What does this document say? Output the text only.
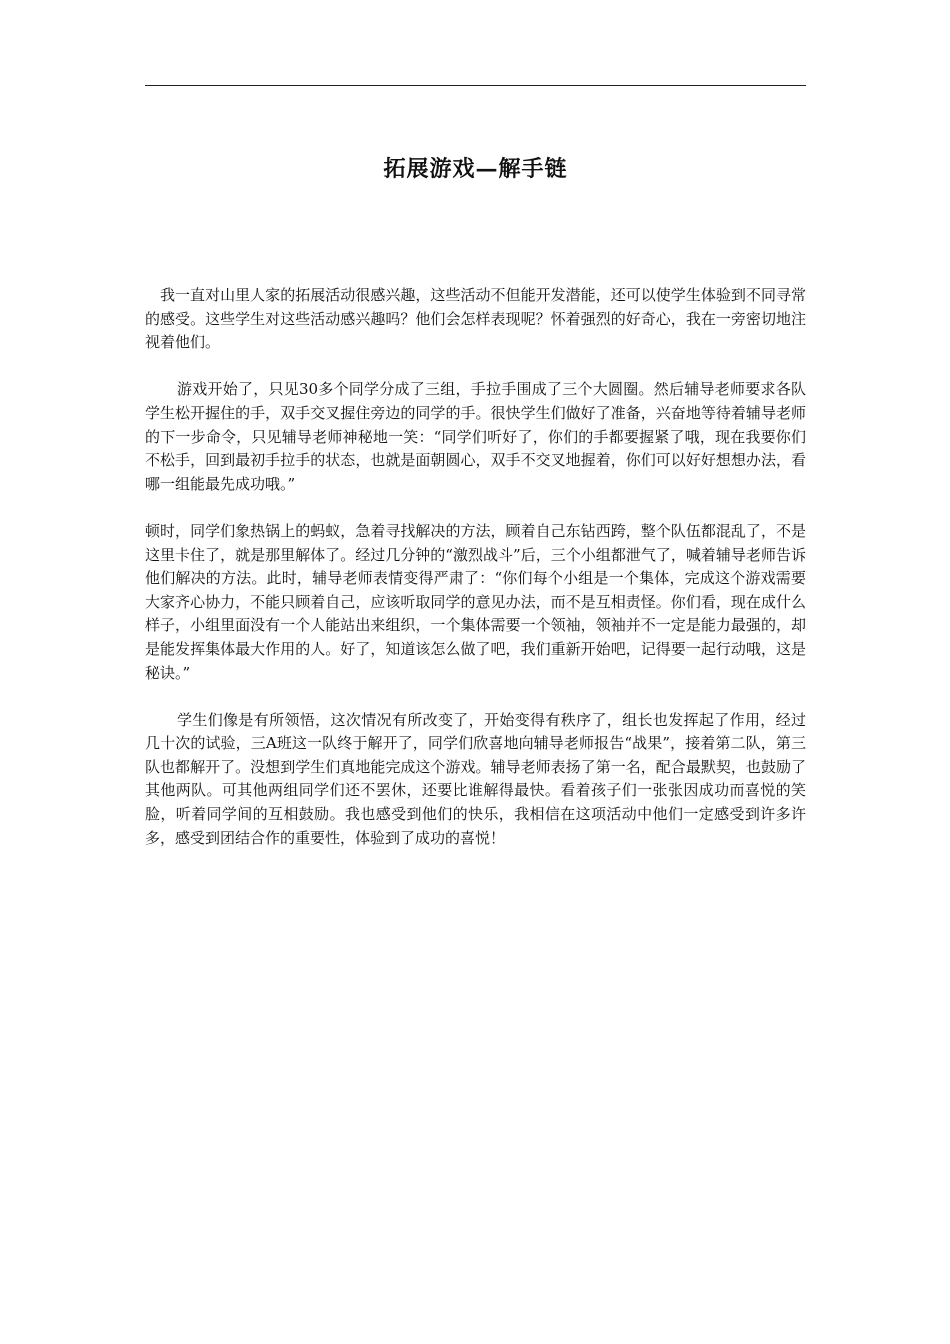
拓展游戏—解手链

我一直对山里人家的拓展活动很感兴趣，这些活动不但能开发潜能，还可以使学生体验到不同寻常的感受。这些学生对这些活动感兴趣吗？他们会怎样表现呢？怀着强烈的好奇心，我在一旁密切地注视着他们。

游戏开始了，只见30多个同学分成了三组，手拉手围成了三个大圆圈。然后辅导老师要求各队学生松开握住的手，双手交叉握住旁边的同学的手。很快学生们做好了准备，兴奋地等待着辅导老师的下一步命令，只见辅导老师神秘地一笑：“同学们听好了，你们的手都要握紧了哦，现在我要你们不松手，回到最初手拉手的状态，也就是面朝圆心，双手不交叉地握着，你们可以好好想想办法，看哪一组能最先成功哦。”

顿时，同学们象热锅上的蚂蚁，急着寻找解决的方法，顾着自己东钻西跨，整个队伍都混乱了，不是这里卡住了，就是那里解体了。经过几分钟的“激烈战斗”后，三个小组都泄气了，喊着辅导老师告诉他们解决的方法。此时，辅导老师表情变得严肃了：“你们每个小组是一个集体，完成这个游戏需要大家齐心协力，不能只顾着自己，应该听取同学的意见办法，而不是互相责怪。你们看，现在成什么样子，小组里面没有一个人能站出来组织，一个集体需要一个领袖，领袖并不一定是能力最强的，却是能发挥集体最大作用的人。好了，知道该怎么做了吧，我们重新开始吧，记得要一起行动哦，这是秘诀。”

学生们像是有所领悟，这次情况有所改变了，开始变得有秩序了，组长也发挥起了作用，经过几十次的试验，三A班这一队终于解开了，同学们欣喜地向辅导老师报告“战果”，接着第二队，第三队也都解开了。没想到学生们真地能完成这个游戏。辅导老师表扬了第一名，配合最默契，也鼓励了其他两队。可其他两组同学们还不罢休，还要比谁解得最快。看着孩子们一张张因成功而喜悦的笑脸，听着同学间的互相鼓励。我也感受到他们的快乐，我相信在这项活动中他们一定感受到许多许多，感受到团结合作的重要性，体验到了成功的喜悦！
